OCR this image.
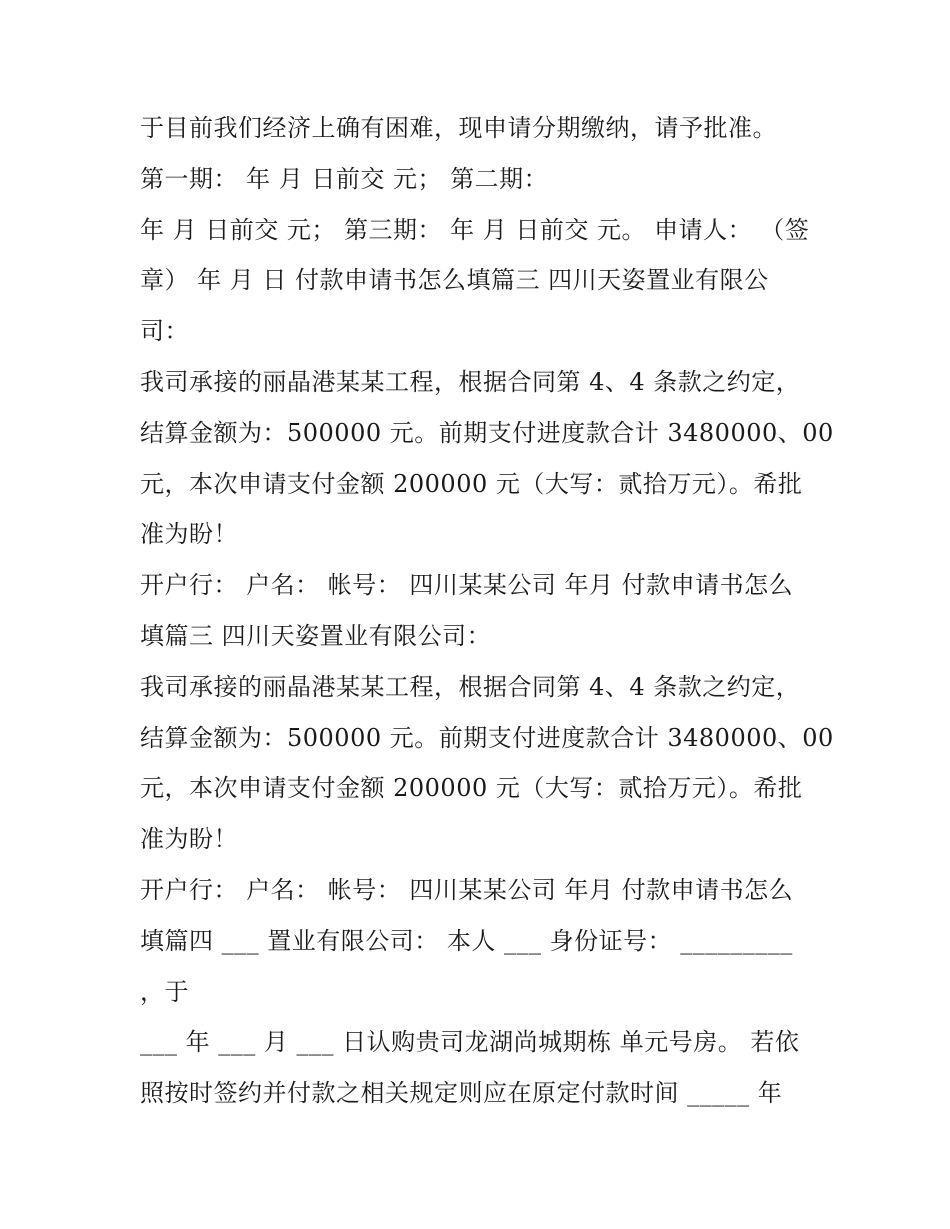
于目前我们经济上确有困难，现申请分期缴纳，请予批准。
第一期： 年 月 日前交 元； 第二期：
年 月 日前交 元； 第三期： 年 月 日前交 元。 申请人： （签
章） 年 月 日 付款申请书怎么填篇三 四川天姿置业有限公
司：
我司承接的丽晶港某某工程，根据合同第 4、4 条款之约定，
结算金额为：500000 元。前期支付进度款合计 3480000、00
元，本次申请支付金额 200000 元（大写：贰拾万元）。希批
准为盼！
开户行： 户名： 帐号： 四川某某公司 年月 付款申请书怎么
填篇三 四川天姿置业有限公司：
我司承接的丽晶港某某工程，根据合同第 4、4 条款之约定，
结算金额为：500000 元。前期支付进度款合计 3480000、00
元，本次申请支付金额 200000 元（大写：贰拾万元）。希批
准为盼！
开户行： 户名： 帐号： 四川某某公司 年月 付款申请书怎么
填篇四 ___ 置业有限公司： 本人 ___ 身份证号： _________
，于
___ 年 ___ 月 ___ 日认购贵司龙湖尚城期栋 单元号房。 若依
照按时签约并付款之相关规定则应在原定付款时间 _____ 年
